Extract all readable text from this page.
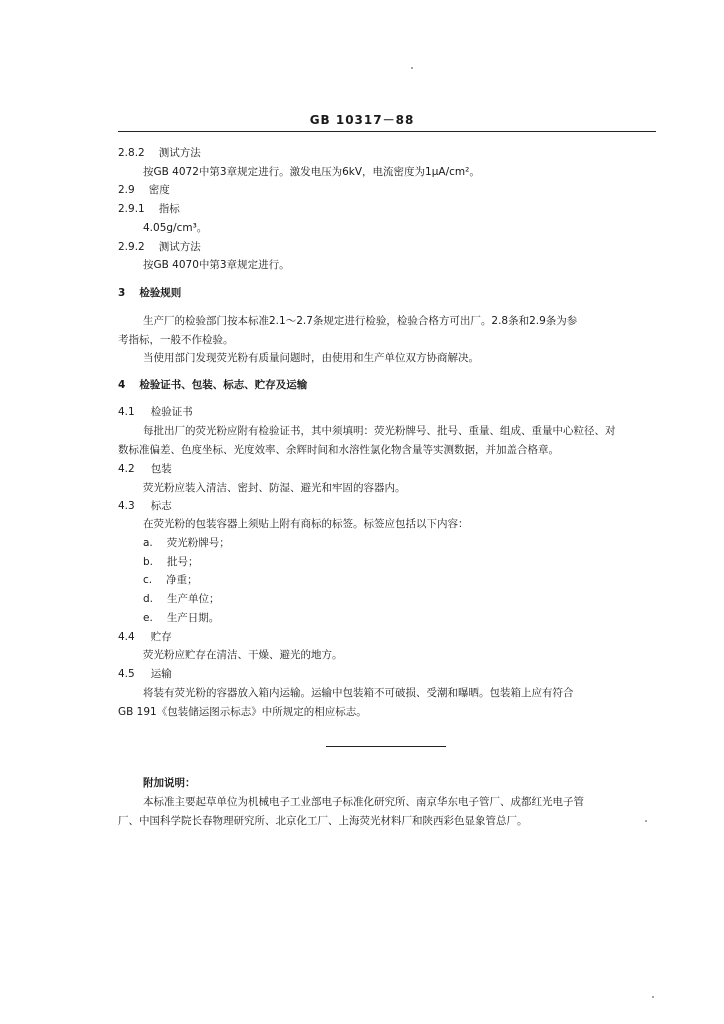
GB 10317－88
2.8.2 测试方法
按GB 4072中第3章规定进行。激发电压为6kV，电流密度为1μA/cm²。
2.9 密度
2.9.1 指标
4.05g/cm³。
2.9.2 测试方法
按GB 4070中第3章规定进行。
3 检验规则
生产厂的检验部门按本标准2.1～2.7条规定进行检验，检验合格方可出厂。2.8条和2.9条为参
考指标，一般不作检验。
当使用部门发现荧光粉有质量问题时，由使用和生产单位双方协商解决。
4 检验证书、包装、标志、贮存及运输
4.1 检验证书
每批出厂的荧光粉应附有检验证书，其中须填明：荧光粉牌号、批号、重量、组成、重量中心粒径、对
数标准偏差、色度坐标、光度效率、余辉时间和水溶性氯化物含量等实测数据，并加盖合格章。
4.2 包装
荧光粉应装入清洁、密封、防湿、避光和牢固的容器内。
4.3 标志
在荧光粉的包装容器上须贴上附有商标的标签。标签应包括以下内容：
a. 荧光粉牌号；
b. 批号；
c. 净重；
d. 生产单位；
e. 生产日期。
4.4 贮存
荧光粉应贮存在清洁、干燥、避光的地方。
4.5 运输
将装有荧光粉的容器放入箱内运输。运输中包装箱不可破损、受潮和曝晒。包装箱上应有符合
GB 191《包装储运图示标志》中所规定的相应标志。
附加说明：
本标准主要起草单位为机械电子工业部电子标准化研究所、南京华东电子管厂、成都红光电子管
厂、中国科学院长春物理研究所、北京化工厂、上海荧光材料厂和陕西彩色显象管总厂。
